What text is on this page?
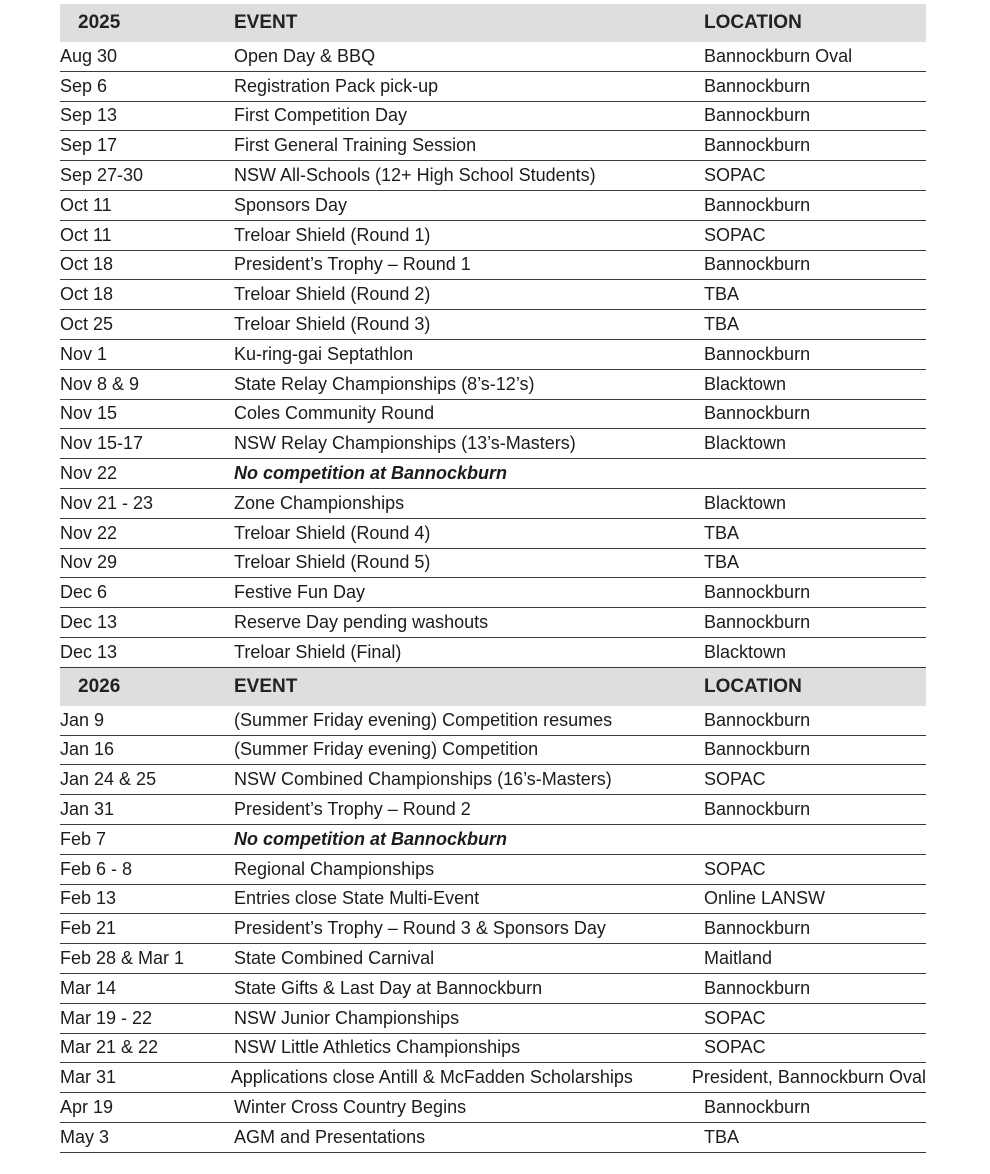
2025	EVENT	LOCATION
Aug 30	Open Day & BBQ	Bannockburn Oval
Sep 6	Registration Pack pick-up	Bannockburn
Sep 13	First Competition Day	Bannockburn
Sep 17	First General Training Session	Bannockburn
Sep 27-30	NSW All-Schools (12+ High School Students)	SOPAC
Oct 11	Sponsors Day	Bannockburn
Oct 11	Treloar Shield (Round 1)	SOPAC
Oct 18	President’s Trophy – Round 1	Bannockburn
Oct 18	Treloar Shield (Round 2)	TBA
Oct 25	Treloar Shield (Round 3)	TBA
Nov 1	Ku-ring-gai Septathlon	Bannockburn
Nov 8 & 9	State Relay Championships (8’s-12’s)	Blacktown
Nov 15	Coles Community Round	Bannockburn
Nov 15-17	NSW Relay Championships (13’s-Masters)	Blacktown
Nov 22	No competition at Bannockburn
Nov 21 - 23	Zone Championships	Blacktown
Nov 22	Treloar Shield (Round 4)	TBA
Nov 29	Treloar Shield (Round 5)	TBA
Dec 6	Festive Fun Day	Bannockburn
Dec 13	Reserve Day pending washouts	Bannockburn
Dec 13	Treloar Shield (Final)	Blacktown
2026	EVENT	LOCATION
Jan 9	(Summer Friday evening) Competition resumes	Bannockburn
Jan 16	(Summer Friday evening) Competition	Bannockburn
Jan 24 & 25	NSW Combined Championships (16’s-Masters)	SOPAC
Jan 31	President’s Trophy – Round 2	Bannockburn
Feb 7	No competition at Bannockburn
Feb 6 - 8	Regional Championships	SOPAC
Feb 13	Entries close State Multi-Event	Online LANSW
Feb 21	President’s Trophy – Round 3 & Sponsors Day	Bannockburn
Feb 28 & Mar 1	State Combined Carnival	Maitland
Mar 14	State Gifts & Last Day at Bannockburn	Bannockburn
Mar 19 - 22	NSW Junior Championships	SOPAC
Mar 21 & 22	NSW Little Athletics Championships	SOPAC
Mar 31	Applications close Antill & McFadden Scholarships	President, Bannockburn Oval
Apr 19	Winter Cross Country Begins	Bannockburn
May 3	AGM and Presentations	TBA
